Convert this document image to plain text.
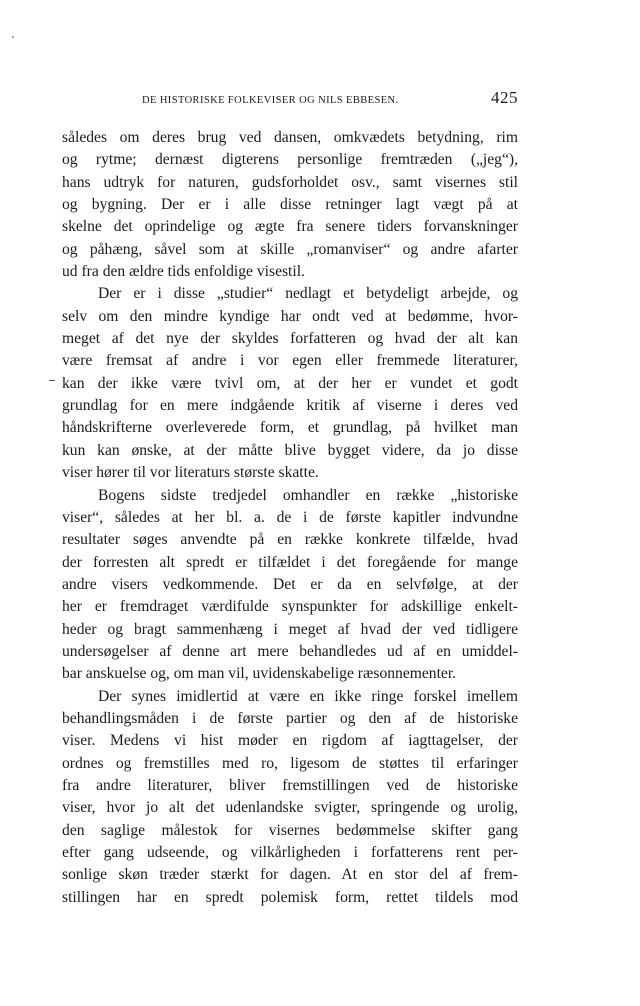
DE HISTORISKE FOLKEVISER OG NILS EBBESEN.	425
således om deres brug ved dansen, omkvædets betydning, rim
og rytme; dernæst digterens personlige fremtræden („jeg“),
hans udtryk for naturen, gudsforholdet osv., samt visernes stil
og bygning. Der er i alle disse retninger lagt vægt på at
skelne det oprindelige og ægte fra senere tiders forvanskninger
og påhæng, såvel som at skille „romanviser“ og andre afarter
ud fra den ældre tids enfoldige visestil.
Der er i disse „studier“ nedlagt et betydeligt arbejde, og
selv om den mindre kyndige har ondt ved at bedømme, hvor-
meget af det nye der skyldes forfatteren og hvad der alt kan
være fremsat af andre i vor egen eller fremmede literaturer,
kan der ikke være tvivl om, at der her er vundet et godt
grundlag for en mere indgående kritik af viserne i deres ved
håndskrifterne overleverede form, et grundlag, på hvilket man
kun kan ønske, at der måtte blive bygget videre, da jo disse
viser hører til vor literaturs største skatte.
Bogens sidste tredjedel omhandler en række „historiske
viser“, således at her bl. a. de i de første kapitler indvundne
resultater søges anvendte på en række konkrete tilfælde, hvad
der forresten alt spredt er tilfældet i det foregående for mange
andre visers vedkommende. Det er da en selvfølge, at der
her er fremdraget værdifulde synspunkter for adskillige enkelt-
heder og bragt sammenhæng i meget af hvad der ved tidligere
undersøgelser af denne art mere behandledes ud af en umiddel-
bar anskuelse og, om man vil, uvidenskabelige ræsonnementer.
Der synes imidlertid at være en ikke ringe forskel imellem
behandlingsmåden i de første partier og den af de historiske
viser. Medens vi hist møder en rigdom af iagttagelser, der
ordnes og fremstilles med ro, ligesom de støttes til erfaringer
fra andre literaturer, bliver fremstillingen ved de historiske
viser, hvor jo alt det udenlandske svigter, springende og urolig,
den saglige målestok for visernes bedømmelse skifter gang
efter gang udseende, og vilkårligheden i forfatterens rent per-
sonlige skøn træder stærkt for dagen. At en stor del af frem-
stillingen har en spredt polemisk form, rettet tildels mod
